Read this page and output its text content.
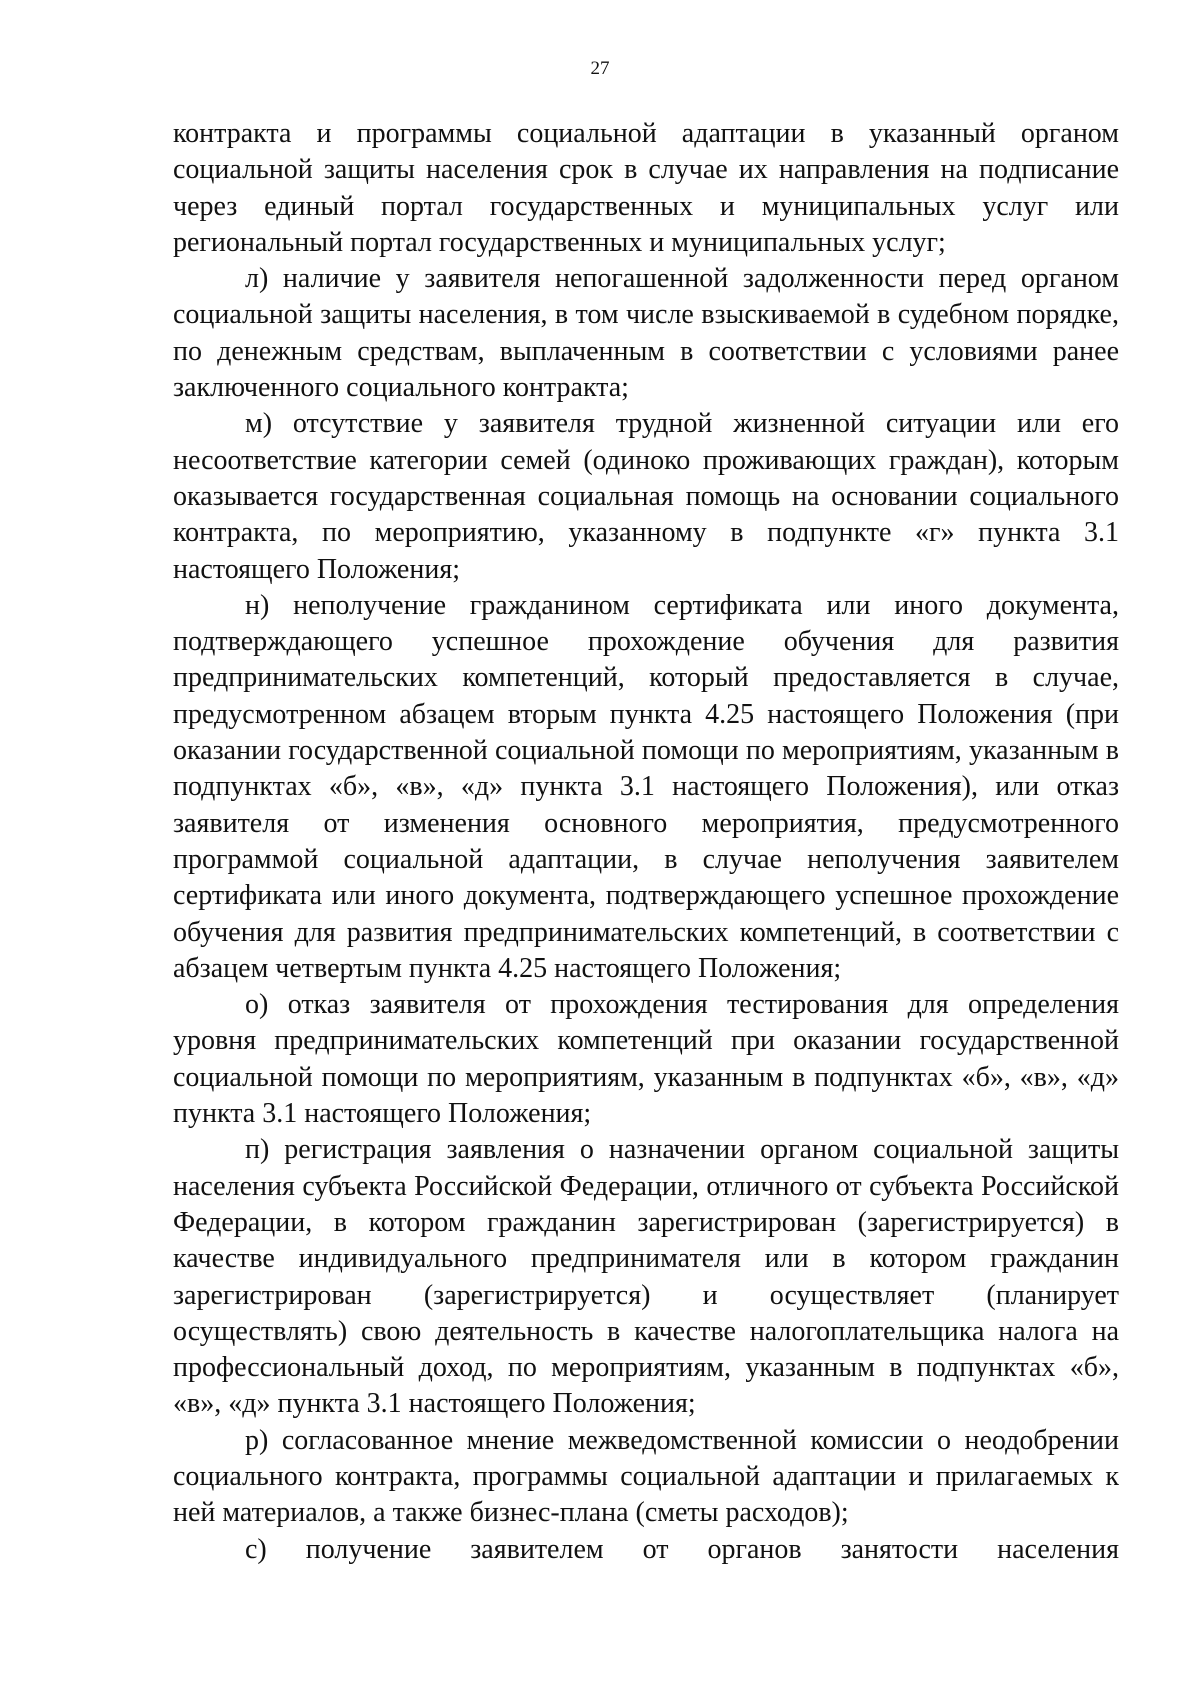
27

контракта и программы социальной адаптации в указанный органом социальной защиты населения срок в случае их направления на подписание через единый портал государственных и муниципальных услуг или региональный портал государственных и муниципальных услуг;

л) наличие у заявителя непогашенной задолженности перед органом социальной защиты населения, в том числе взыскиваемой в судебном порядке, по денежным средствам, выплаченным в соответствии с условиями ранее заключенного социального контракта;

м) отсутствие у заявителя трудной жизненной ситуации или его несоответствие категории семей (одиноко проживающих граждан), которым оказывается государственная социальная помощь на основании социального контракта, по мероприятию, указанному в подпункте «г» пункта 3.1 настоящего Положения;

н) неполучение гражданином сертификата или иного документа, подтверждающего успешное прохождение обучения для развития предпринимательских компетенций, который предоставляется в случае, предусмотренном абзацем вторым пункта 4.25 настоящего Положения (при оказании государственной социальной помощи по мероприятиям, указанным в подпунктах «б», «в», «д» пункта 3.1 настоящего Положения), или отказ заявителя от изменения основного мероприятия, предусмотренного программой социальной адаптации, в случае неполучения заявителем сертификата или иного документа, подтверждающего успешное прохождение обучения для развития предпринимательских компетенций, в соответствии с абзацем четвертым пункта 4.25 настоящего Положения;

о) отказ заявителя от прохождения тестирования для определения уровня предпринимательских компетенций при оказании государственной социальной помощи по мероприятиям, указанным в подпунктах «б», «в», «д» пункта 3.1 настоящего Положения;

п) регистрация заявления о назначении органом социальной защиты населения субъекта Российской Федерации, отличного от субъекта Российской Федерации, в котором гражданин зарегистрирован (зарегистрируется) в качестве индивидуального предпринимателя или в котором гражданин зарегистрирован (зарегистрируется) и осуществляет (планирует осуществлять) свою деятельность в качестве налогоплательщика налога на профессиональный доход, по мероприятиям, указанным в подпунктах «б», «в», «д» пункта 3.1 настоящего Положения;

р) согласованное мнение межведомственной комиссии о неодобрении социального контракта, программы социальной адаптации и прилагаемых к ней материалов, а также бизнес-плана (сметы расходов);

с) получение заявителем от органов занятости населения
